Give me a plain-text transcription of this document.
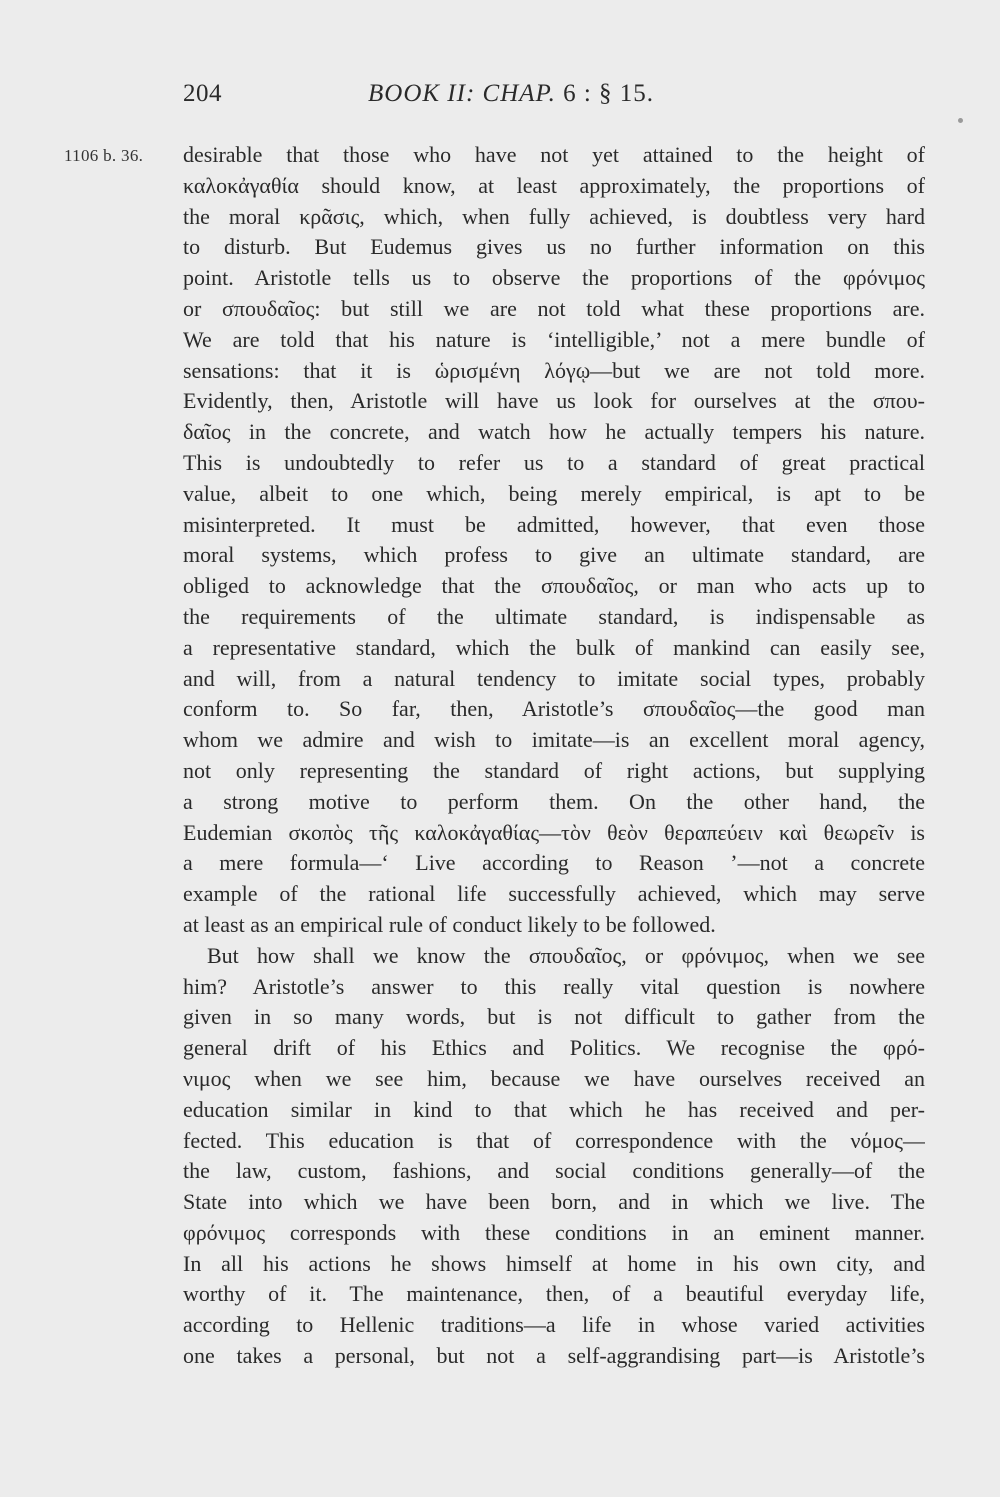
204	BOOK II: CHAP. 6 : § 15.
1106 b. 36. desirable that those who have not yet attained to the height of
καλοκἀγαθία should know, at least approximately, the proportions of
the moral κρᾶσις, which, when fully achieved, is doubtless very hard
to disturb. But Eudemus gives us no further information on this
point. Aristotle tells us to observe the proportions of the φρόνιμος
or σπουδαῖος: but still we are not told what these proportions are.
We are told that his nature is ‘intelligible,’ not a mere bundle of
sensations: that it is ὡρισμένη λόγῳ—but we are not told more.
Evidently, then, Aristotle will have us look for ourselves at the σπου-
δαῖος in the concrete, and watch how he actually tempers his nature.
This is undoubtedly to refer us to a standard of great practical
value, albeit to one which, being merely empirical, is apt to be
misinterpreted. It must be admitted, however, that even those
moral systems, which profess to give an ultimate standard, are
obliged to acknowledge that the σπουδαῖος, or man who acts up to
the requirements of the ultimate standard, is indispensable as
a representative standard, which the bulk of mankind can easily see,
and will, from a natural tendency to imitate social types, probably
conform to. So far, then, Aristotle’s σπουδαῖος—the good man
whom we admire and wish to imitate—is an excellent moral agency,
not only representing the standard of right actions, but supplying
a strong motive to perform them. On the other hand, the
Eudemian σκοπὸς τῆς καλοκἀγαθίας—τὸν θεὸν θεραπεύειν καὶ θεωρεῖν is
a mere formula—‘ Live according to Reason ’—not a concrete
example of the rational life successfully achieved, which may serve
at least as an empirical rule of conduct likely to be followed.
But how shall we know the σπουδαῖος, or φρόνιμος, when we see
him? Aristotle’s answer to this really vital question is nowhere
given in so many words, but is not difficult to gather from the
general drift of his Ethics and Politics. We recognise the φρό-
νιμος when we see him, because we have ourselves received an
education similar in kind to that which he has received and per-
fected. This education is that of correspondence with the νόμος—
the law, custom, fashions, and social conditions generally—of the
State into which we have been born, and in which we live. The
φρόνιμος corresponds with these conditions in an eminent manner.
In all his actions he shows himself at home in his own city, and
worthy of it. The maintenance, then, of a beautiful everyday life,
according to Hellenic traditions—a life in whose varied activities
one takes a personal, but not a self-aggrandising part—is Aristotle’s
